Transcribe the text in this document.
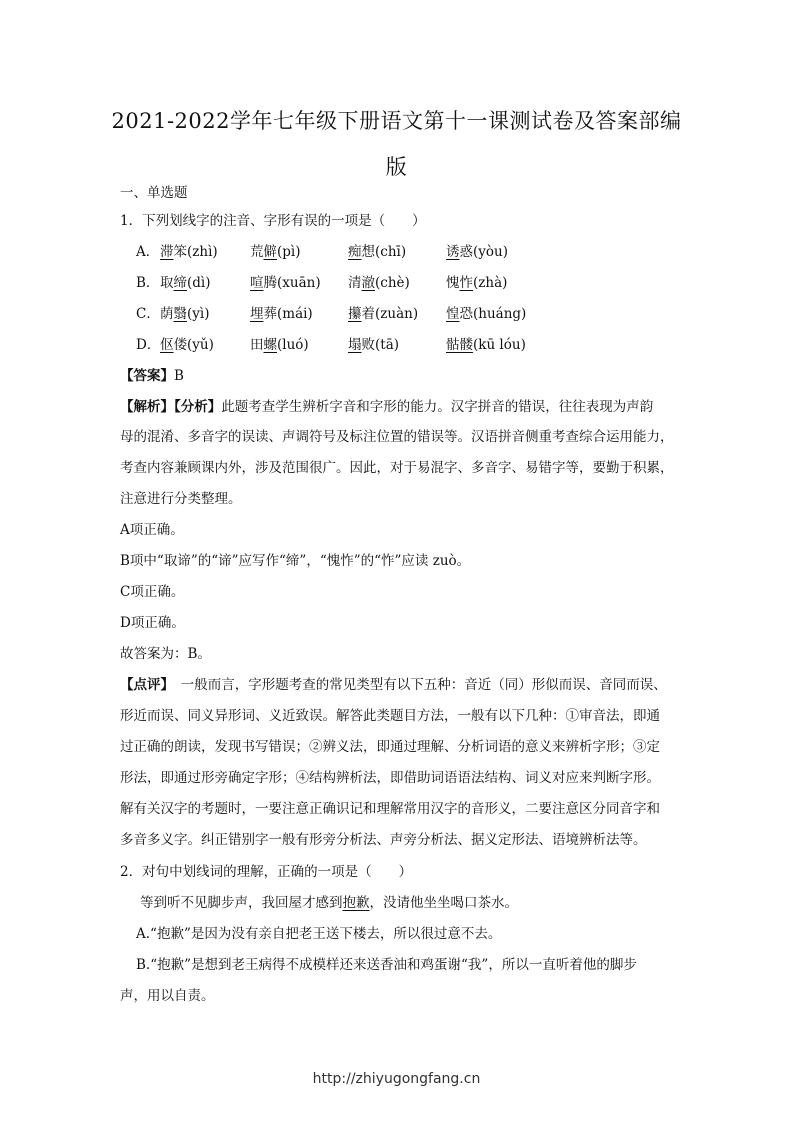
2021-2022学年七年级下册语文第十一课测试卷及答案部编版
一、单选题
1．下列划线字的注音、字形有误的一项是（　　）
A． 滞笨(zhì) 荒僻(pì)	痴想(chī)	诱惑(yòu)
B． 取缔(dì)	喧腾(xuān) 清澈(chè)	愧怍(zhà)
C． 荫翳(yì)	埋葬(mái)	攥着(zuàn) 惶恐(huáng)
D． 伛偻(yǔ)	田螺(luó)	塌败(tā)	骷髅(kū lóu)
【答案】B
【解析】【分析】此题考查学生辨析字音和字形的能力。汉字拼音的错误，往往表现为声韵
母的混淆、多音字的误读、声调符号及标注位置的错误等。汉语拼音侧重考查综合运用能力，
考查内容兼顾课内外，涉及范围很广。因此，对于易混字、多音字、易错字等，要勤于积累，
注意进行分类整理。
A项正确。
B项中“取谛”的“谛”应写作“缔”，“愧怍”的“怍”应读 zuò。
C项正确。
D项正确。
故答案为：B。
【点评】　一般而言，字形题考查的常见类型有以下五种：音近（同）形似而误、音同而误、
形近而误、同义异形词、义近致误。解答此类题目方法，一般有以下几种：①审音法，即通
过正确的朗读，发现书写错误；②辨义法，即通过理解、分析词语的意义来辨析字形；③定
形法，即通过形旁确定字形；④结构辨析法，即借助词语语法结构、词义对应来判断字形。
解有关汉字的考题时，一要注意正确识记和理解常用汉字的音形义，二要注意区分同音字和
多音多义字。纠正错别字一般有形旁分析法、声旁分析法、据义定形法、语境辨析法等。
2．对句中划线词的理解，正确的一项是（　　）
等到听不见脚步声，我回屋才感到抱歉，没请他坐坐喝口茶水。
A.“抱歉”是因为没有亲自把老王送下楼去，所以很过意不去。
B.“抱歉”是想到老王病得不成模样还来送香油和鸡蛋谢“我”，所以一直听着他的脚步
声，用以自责。
http://zhiyugongfang.cn
